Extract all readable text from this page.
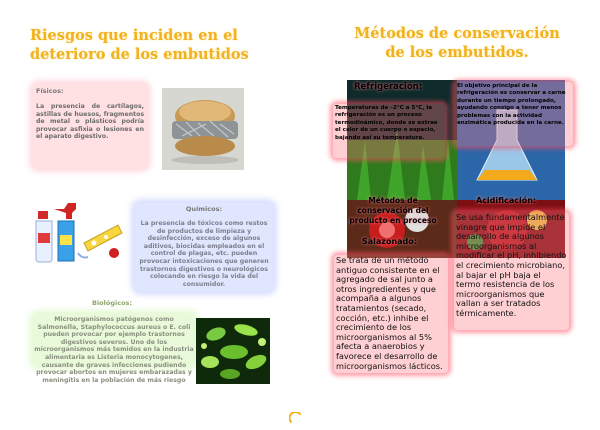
Riesgos que inciden en el deterioro de los embutidos
Físicos:
La presencia de cartílagos, astillas de huesos, fragmentos de metal o plásticos podría provocar asfixia o lesiones en el aparato digestivo.
Químicos:
La presencia de tóxicos como restos de productos de limpieza y desinfección, exceso de algunos aditivos, biocidas empleados en el control de plagas, etc. pueden provocar intoxicaciones que generen trastornos digestivos o neurológicos colocando en riesgo la vida del consumidor.
Biológicos:
Microorganismos patógenos como Salmonella, Staphylococcus aureus o E. coli pueden provocar por ejemplo trastornos digestivos severos. Uno de los microorganismos más temidos en la industria alimentaria es Listeria monocytogenes, causante de graves infecciones pudiendo provocar abortos en mujeres embarazadas y meningitis en la población de más riesgo
Métodos de conservación de los embutidos.
Refrigeración:
Temperaturas de –2°C a 5°C, la refrigeración es un proceso termodinámico, donde se extrae el calor de un cuerpo o espacio, bajando así su temperatura.
El objetivo principal de la refrigeración es conservar a carne durante un tiempo prolongado, ayudando consigo a tener menos problemas con la actividad enzimática producida en la carne.
Métodos de conservación del producto en proceso
Acidificación:
Se usa fundamentalmente vinagre que impide el desarrollo de algunos microorganismos al modificar el pH, inhibiendo el crecimiento microbiano, al bajar el pH baja el termo resistencia de los microorganismos que vallan a ser tratados térmicamente.
Salazonado:
Se trata de un método antiguo consistente en el agregado de sal junto a otros ingredientes y que acompaña a algunos tratamientos (secado, cocción, etc.) inhibe el crecimiento de los microorganismos al 5% afecta a anaerobios y favorece el desarrollo de microorganismos lácticos.
